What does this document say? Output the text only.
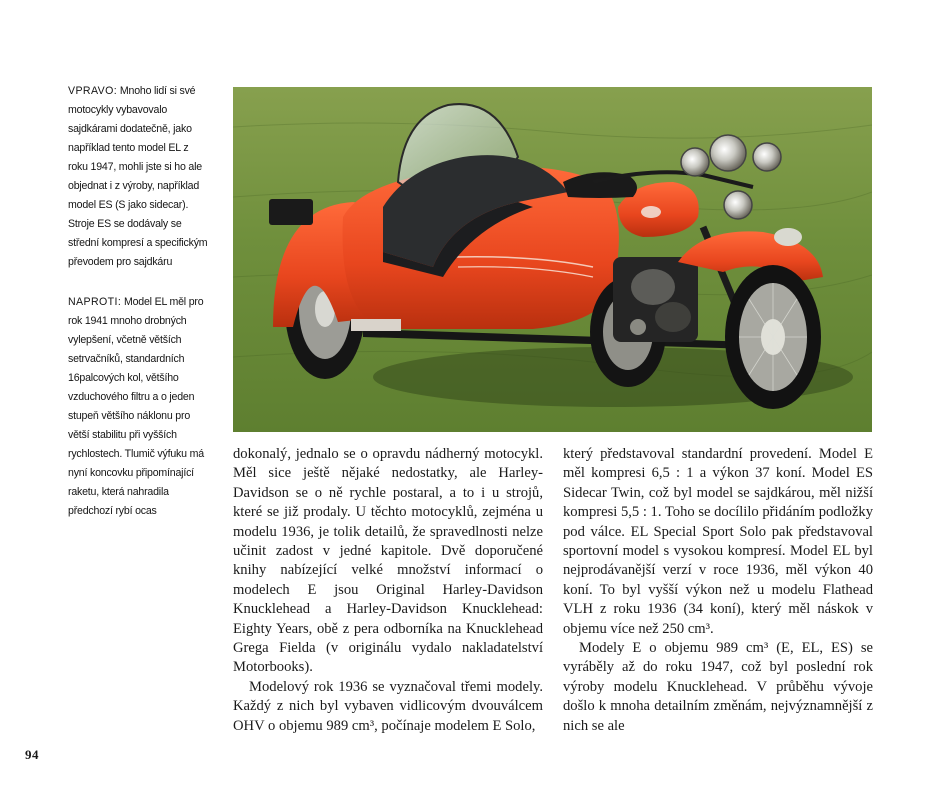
VPRAVO: Mnoho lidí si své motocykly vybavovalo sajdkárami dodatečně, jako například tento model EL z roku 1947, mohli jste si ho ale objednat i z výroby, například model ES (S jako sidecar). Stroje ES se dodávaly se střední kompresí a specifickým převodem pro sajdkáru
NAPROTI: Model EL měl pro rok 1941 mnoho drobných vylepšení, včetně větších setrvačníků, standardních 16palcových kol, většího vzduchového filtru a o jeden stupeň většího náklonu pro větší stabilitu při vyšších rychlostech. Tlumič výfuku má nyní koncovku připomínající raketu, která nahradila předchozí rybí ocas

dokonalý, jednalo se o opravdu nádherný motocykl. Měl sice ještě nějaké nedostatky, ale Harley-Davidson se o ně rychle postaral, a to i u strojů, které se již prodaly. U těchto motocyklů, zejména u modelu 1936, je tolik detailů, že spravedlnosti nelze učinit zadost v jedné kapitole. Dvě doporučené knihy nabízející velké množství informací o modelech E jsou Original Harley-Davidson Knucklehead a Harley-Davidson Knucklehead: Eighty Years, obě z pera odborníka na Knucklehead Grega Fielda (v originálu vydalo nakladatelství Motorbooks).

Modelový rok 1936 se vyznačoval třemi modely. Každý z nich byl vybaven vidlicovým dvouválcem OHV o objemu 989 cm³, počínaje modelem E Solo,

který představoval standardní provedení. Model E měl kompresi 6,5 : 1 a výkon 37 koní. Model ES Sidecar Twin, což byl model se sajdkárou, měl nižší kompresi 5,5 : 1. Toho se docílilo přidáním podložky pod válce. EL Special Sport Solo pak představoval sportovní model s vysokou kompresí. Model EL byl nejprodávanější verzí v roce 1936, měl výkon 40 koní. To byl vyšší výkon než u modelu Flathead VLH z roku 1936 (34 koní), který měl náskok v objemu více než 250 cm³.

Modely E o objemu 989 cm³ (E, EL, ES) se vyráběly až do roku 1947, což byl poslední rok výroby modelu Knucklehead. V průběhu vývoje došlo k mnoha detailním změnám, nejvýznamnější z nich se ale

94
